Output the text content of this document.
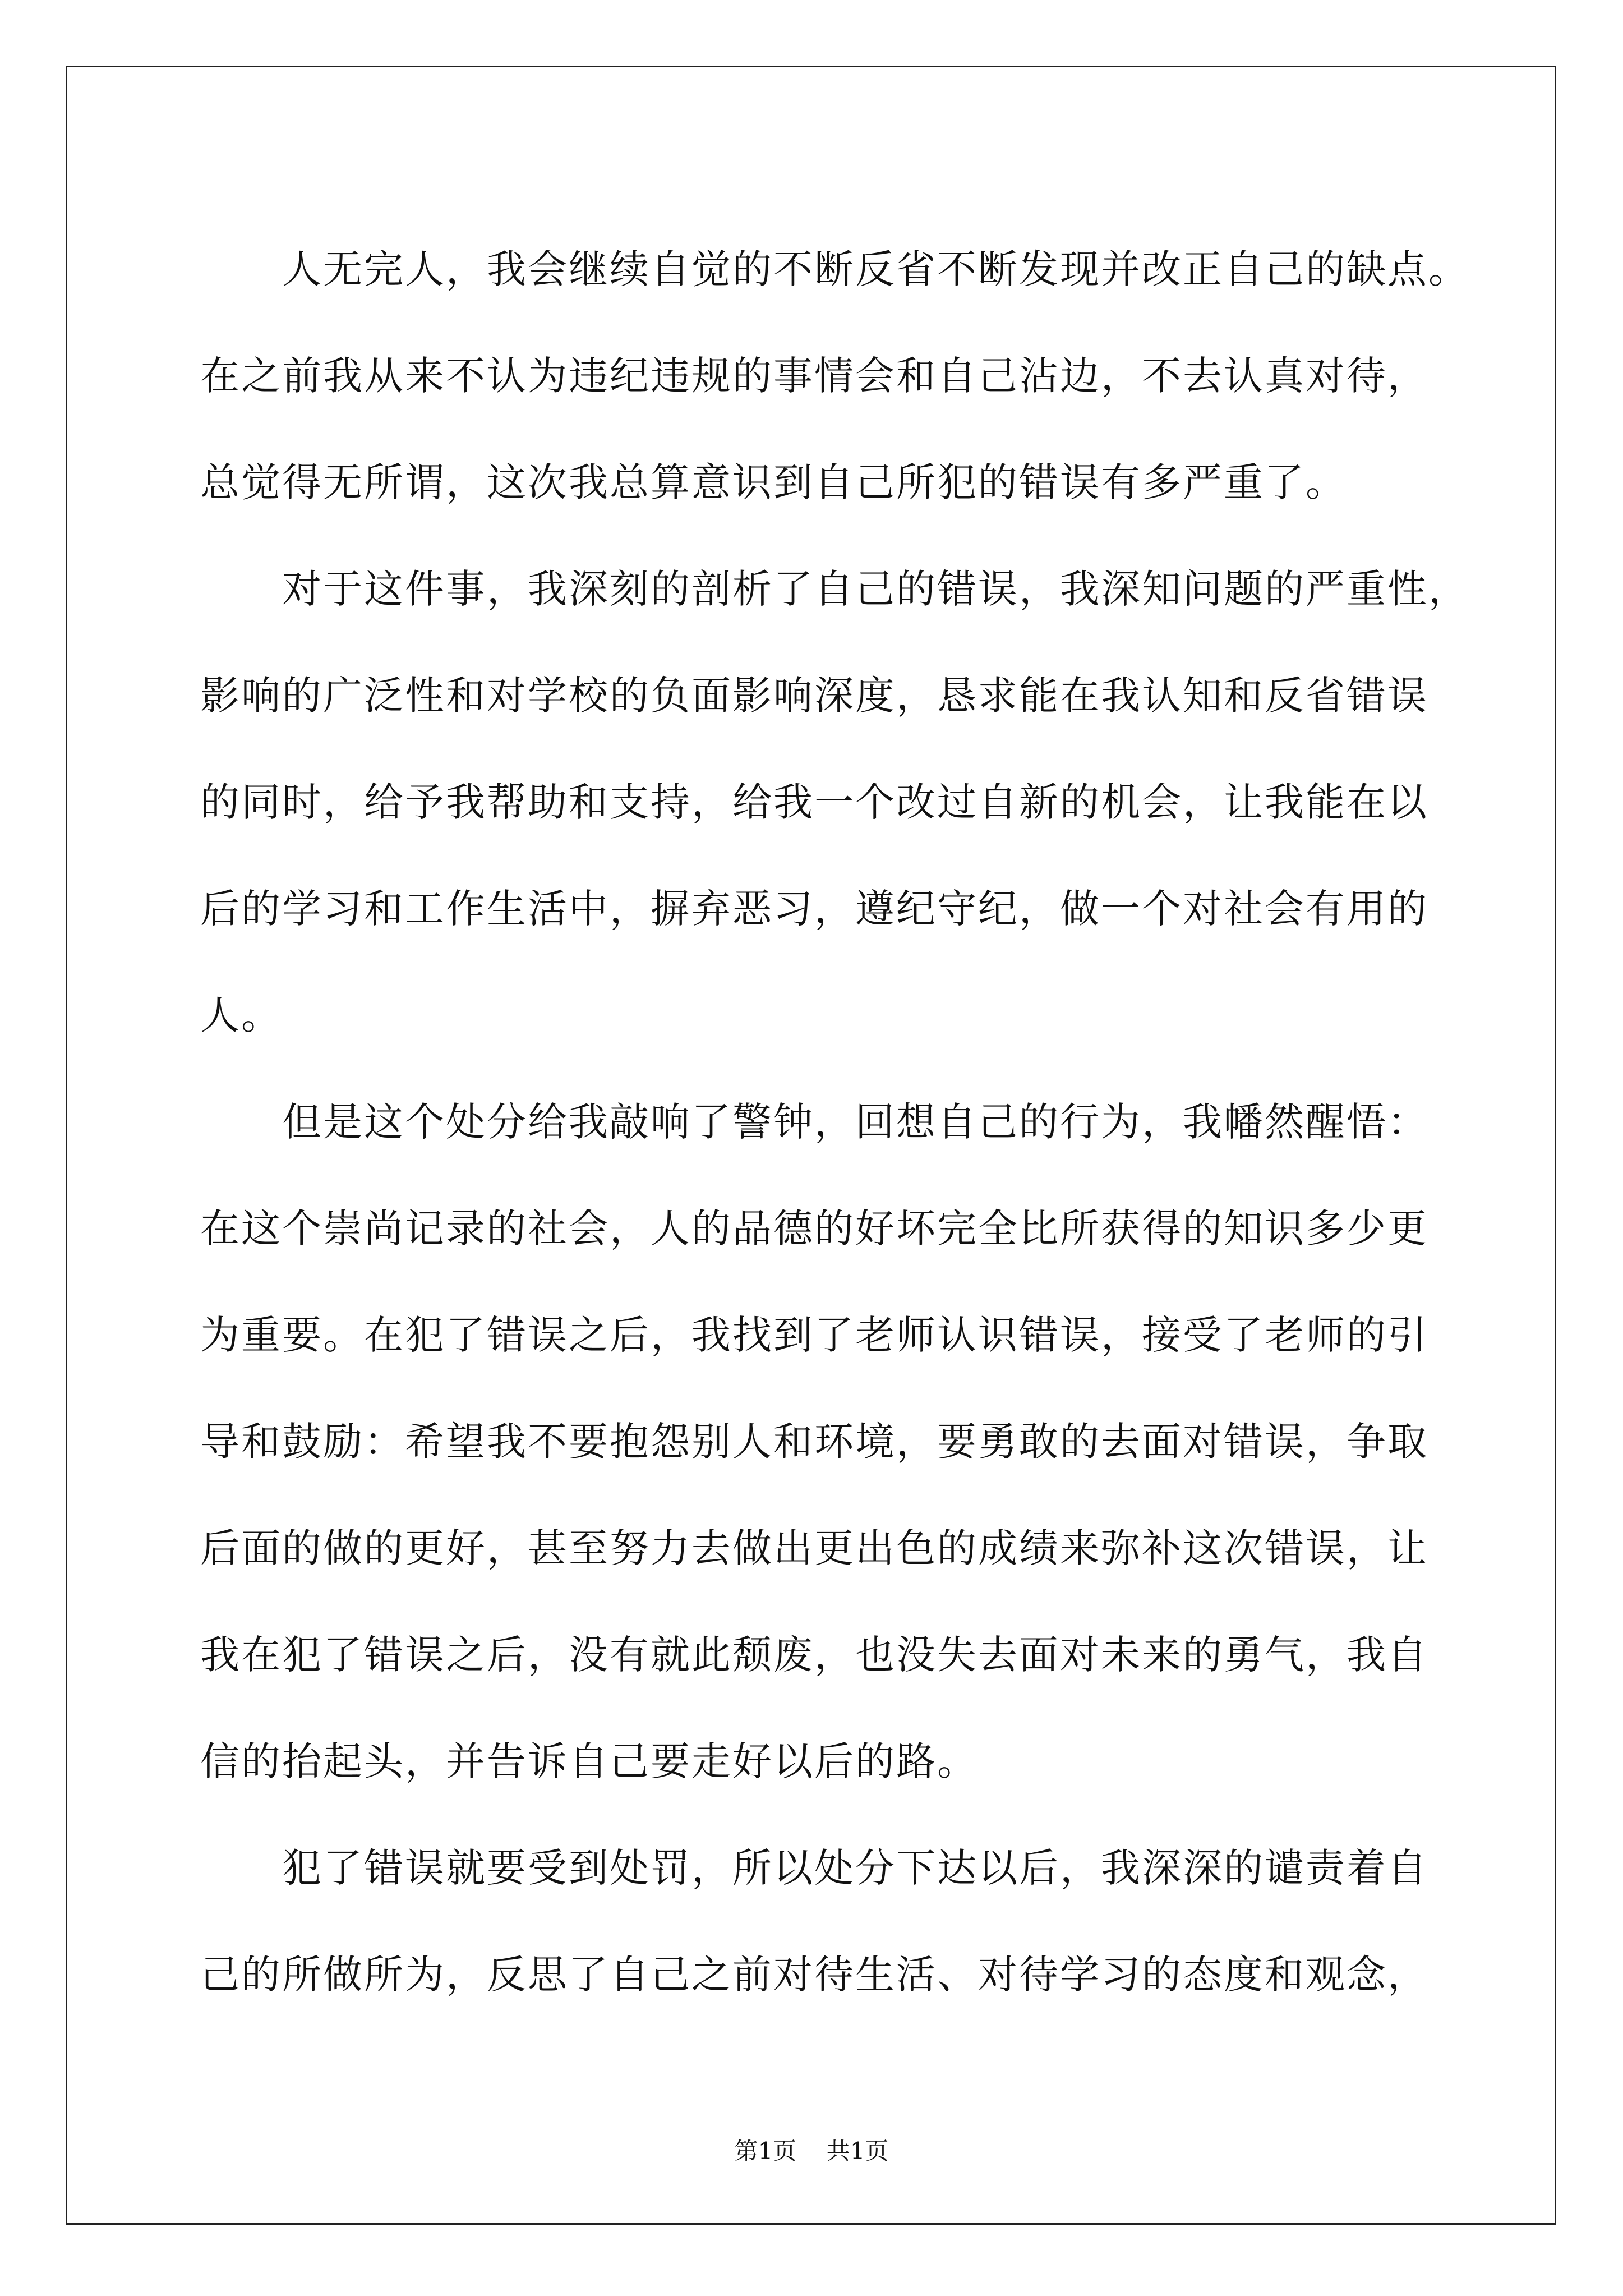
人无完人，我会继续自觉的不断反省不断发现并改正自己的缺点。
在之前我从来不认为违纪违规的事情会和自己沾边，不去认真对待，
总觉得无所谓，这次我总算意识到自己所犯的错误有多严重了。
对于这件事，我深刻的剖析了自己的错误，我深知问题的严重性，
影响的广泛性和对学校的负面影响深度，恳求能在我认知和反省错误
的同时，给予我帮助和支持，给我一个改过自新的机会，让我能在以
后的学习和工作生活中，摒弃恶习，遵纪守纪，做一个对社会有用的
人。
但是这个处分给我敲响了警钟，回想自己的行为，我幡然醒悟：
在这个崇尚记录的社会，人的品德的好坏完全比所获得的知识多少更
为重要。在犯了错误之后，我找到了老师认识错误，接受了老师的引
导和鼓励：希望我不要抱怨别人和环境，要勇敢的去面对错误，争取
后面的做的更好，甚至努力去做出更出色的成绩来弥补这次错误，让
我在犯了错误之后，没有就此颓废，也没失去面对未来的勇气，我自
信的抬起头，并告诉自己要走好以后的路。
犯了错误就要受到处罚，所以处分下达以后，我深深的谴责着自
己的所做所为，反思了自己之前对待生活、对待学习的态度和观念，
第1页 共1页
